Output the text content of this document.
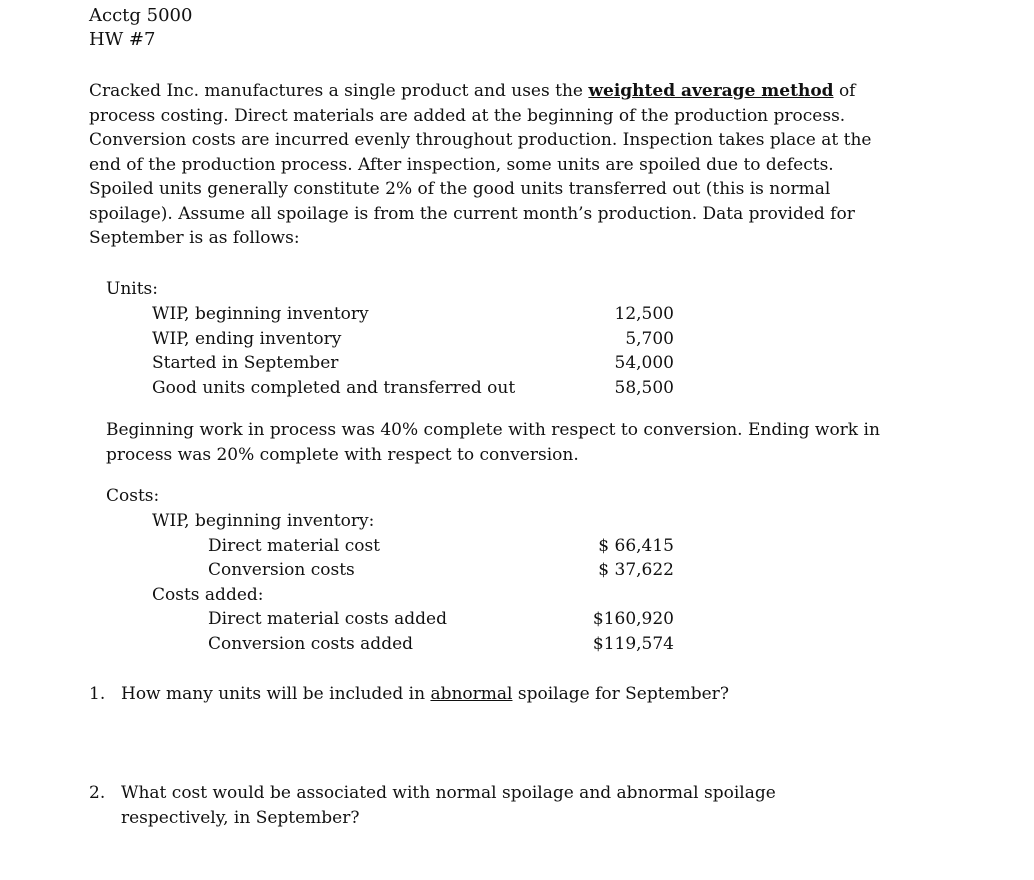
Acctg 5000
HW #7

Cracked Inc. manufactures a single product and uses the weighted average method of

process costing. Direct materials are added at the beginning of the production process.

Conversion costs are incurred evenly throughout production. Inspection takes place at the

end of the production process. After inspection, some units are spoiled due to defects.

Spoiled units generally constitute 2% of the good units transferred out (this is normal

spoilage). Assume all spoilage is from the current month’s production. Data provided for

September is as follows:

Units:
WIP, beginning inventory	12,500
WIP, ending inventory	5,700
Started in September	54,000
Good units completed and transferred out	58,500

Beginning work in process was 40% complete with respect to conversion. Ending work in

process was 20% complete with respect to conversion.

Costs:
WIP, beginning inventory:
Direct material cost	$ 66,415
Conversion costs	$ 37,622
Costs added:
Direct material costs added	$160,920
Conversion costs added	$119,574
1. How many units will be included in abnormal spoilage for September?
2. What cost would be associated with normal spoilage and abnormal spoilage
respectively, in September?
